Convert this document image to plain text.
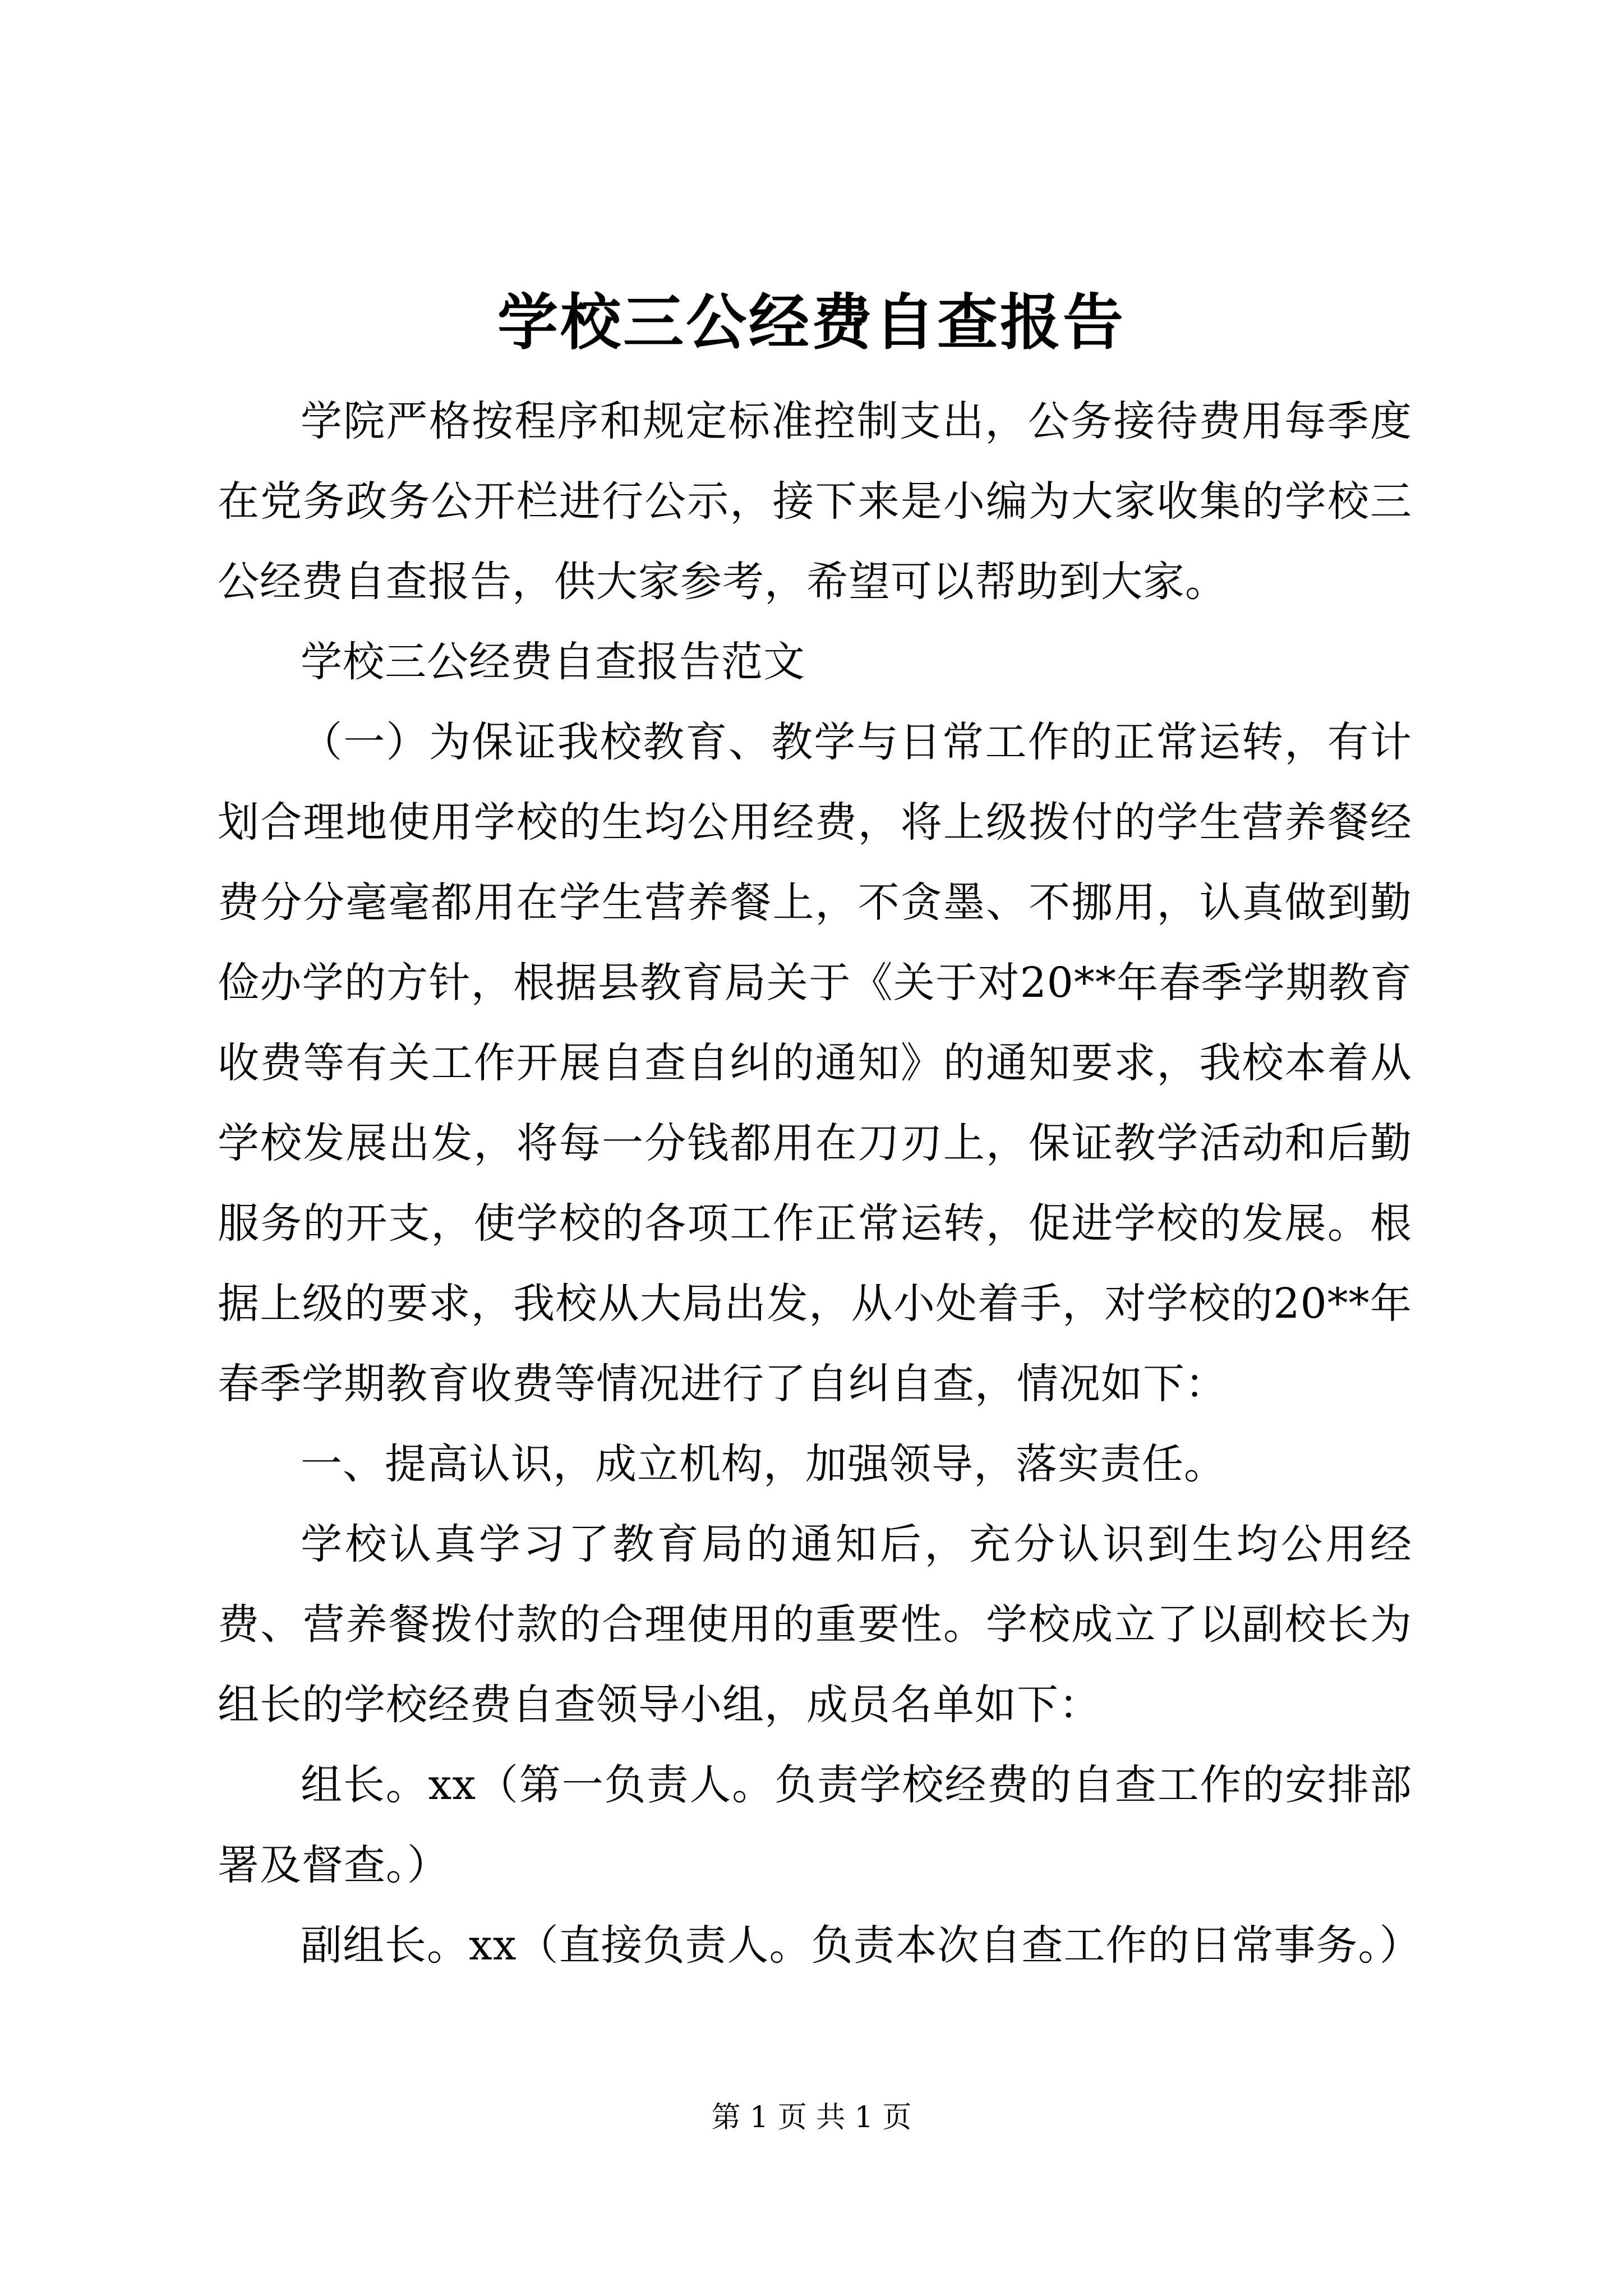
学校三公经费自查报告

学院严格按程序和规定标准控制支出，公务接待费用每季度在党务政务公开栏进行公示，接下来是小编为大家收集的学校三公经费自查报告，供大家参考，希望可以帮助到大家。

学校三公经费自查报告范文

（一）为保证我校教育、教学与日常工作的正常运转，有计划合理地使用学校的生均公用经费，将上级拨付的学生营养餐经费分分毫毫都用在学生营养餐上，不贪墨、不挪用，认真做到勤俭办学的方针，根据县教育局关于《关于对20**年春季学期教育收费等有关工作开展自查自纠的通知》的通知要求，我校本着从学校发展出发，将每一分钱都用在刀刃上，保证教学活动和后勤服务的开支，使学校的各项工作正常运转，促进学校的发展。根据上级的要求，我校从大局出发，从小处着手，对学校的20**年春季学期教育收费等情况进行了自纠自查，情况如下：

一、提高认识，成立机构，加强领导，落实责任。

学校认真学习了教育局的通知后，充分认识到生均公用经费、营养餐拨付款的合理使用的重要性。学校成立了以副校长为组长的学校经费自查领导小组，成员名单如下：

组长。xx（第一负责人。负责学校经费的自查工作的安排部署及督查。）

副组长。xx（直接负责人。负责本次自查工作的日常事务。）

第 1 页 共 1 页
